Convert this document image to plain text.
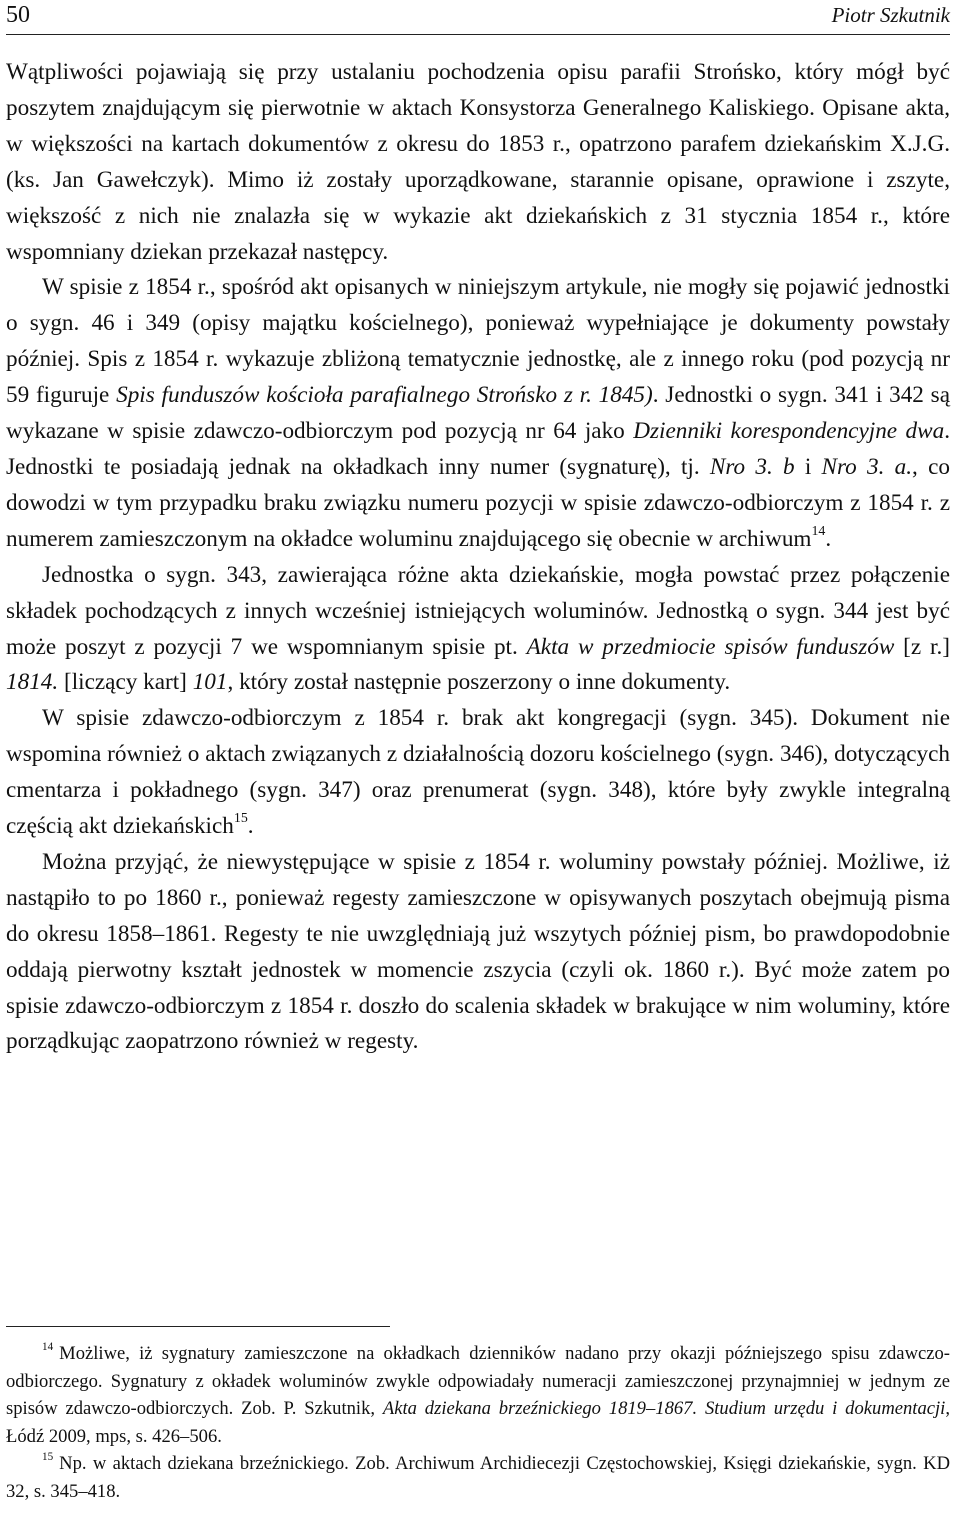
50	Piotr Szkutnik

Wątpliwości pojawiają się przy ustalaniu pochodzenia opisu parafii Strońsko, który mógł być poszytem znajdującym się pierwotnie w aktach Konsystorza Generalnego Kaliskiego. Opisane akta, w większości na kartach dokumentów z okresu do 1853 r., opatrzono parafem dziekańskim X.J.G. (ks. Jan Gawełczyk). Mimo iż zostały uporządkowane, starannie opisane, oprawione i zszyte, większość z nich nie znalazła się w wykazie akt dziekańskich z 31 stycznia 1854 r., które wspomniany dziekan przekazał następcy.

W spisie z 1854 r., spośród akt opisanych w niniejszym artykule, nie mogły się pojawić jednostki o sygn. 46 i 349 (opisy majątku kościelnego), ponieważ wypełniające je dokumenty powstały później. Spis z 1854 r. wykazuje zbliżoną tematycznie jednostkę, ale z innego roku (pod pozycją nr 59 figuruje Spis funduszów kościoła parafialnego Strońsko z r. 1845). Jednostki o sygn. 341 i 342 są wykazane w spisie zdawczo-odbiorczym pod pozycją nr 64 jako Dzienniki korespondencyjne dwa. Jednostki te posiadają jednak na okładkach inny numer (sygnaturę), tj. Nro 3. b i Nro 3. a., co dowodzi w tym przypadku braku związku numeru pozycji w spisie zdawczo-odbiorczym z 1854 r. z numerem zamieszczonym na okładce woluminu znajdującego się obecnie w archiwum$^{14}$.

Jednostka o sygn. 343, zawierająca różne akta dziekańskie, mogła powstać przez połączenie składek pochodzących z innych wcześniej istniejących woluminów. Jednostką o sygn. 344 jest być może poszyt z pozycji 7 we wspomnianym spisie pt. Akta w przedmiocie spisów funduszów [z r.] 1814. [liczący kart] 101, który został następnie poszerzony o inne dokumenty.

W spisie zdawczo-odbiorczym z 1854 r. brak akt kongregacji (sygn. 345). Dokument nie wspomina również o aktach związanych z działalnością dozoru kościelnego (sygn. 346), dotyczących cmentarza i pokładnego (sygn. 347) oraz prenumerat (sygn. 348), które były zwykle integralną częścią akt dziekańskich$^{15}$.

Można przyjąć, że niewystępujące w spisie z 1854 r. woluminy powstały później. Możliwe, iż nastąpiło to po 1860 r., ponieważ regesty zamieszczone w opisywanych poszytach obejmują pisma do okresu 1858–1861. Regesty te nie uwzględniają już wszytych później pism, bo prawdopodobnie oddają pierwotny kształt jednostek w momencie zszycia (czyli ok. 1860 r.). Być może zatem po spisie zdawczo-odbiorczym z 1854 r. doszło do scalenia składek w brakujące w nim woluminy, które porządkując zaopatrzono również w regesty.

$^{14}$ Możliwe, iż sygnatury zamieszczone na okładkach dzienników nadano przy okazji późniejszego spisu zdawczo-odbiorczego. Sygnatury z okładek woluminów zwykle odpowiadały numeracji zamieszczonej przynajmniej w jednym ze spisów zdawczo-odbiorczych. Zob. P. Szkutnik, Akta dziekana brzeźnickiego 1819–1867. Studium urzędu i dokumentacji, Łódź 2009, mps, s. 426–506.

$^{15}$ Np. w aktach dziekana brzeźnickiego. Zob. Archiwum Archidiecezji Częstochowskiej, Księgi dziekańskie, sygn. KD 32, s. 345–418.
